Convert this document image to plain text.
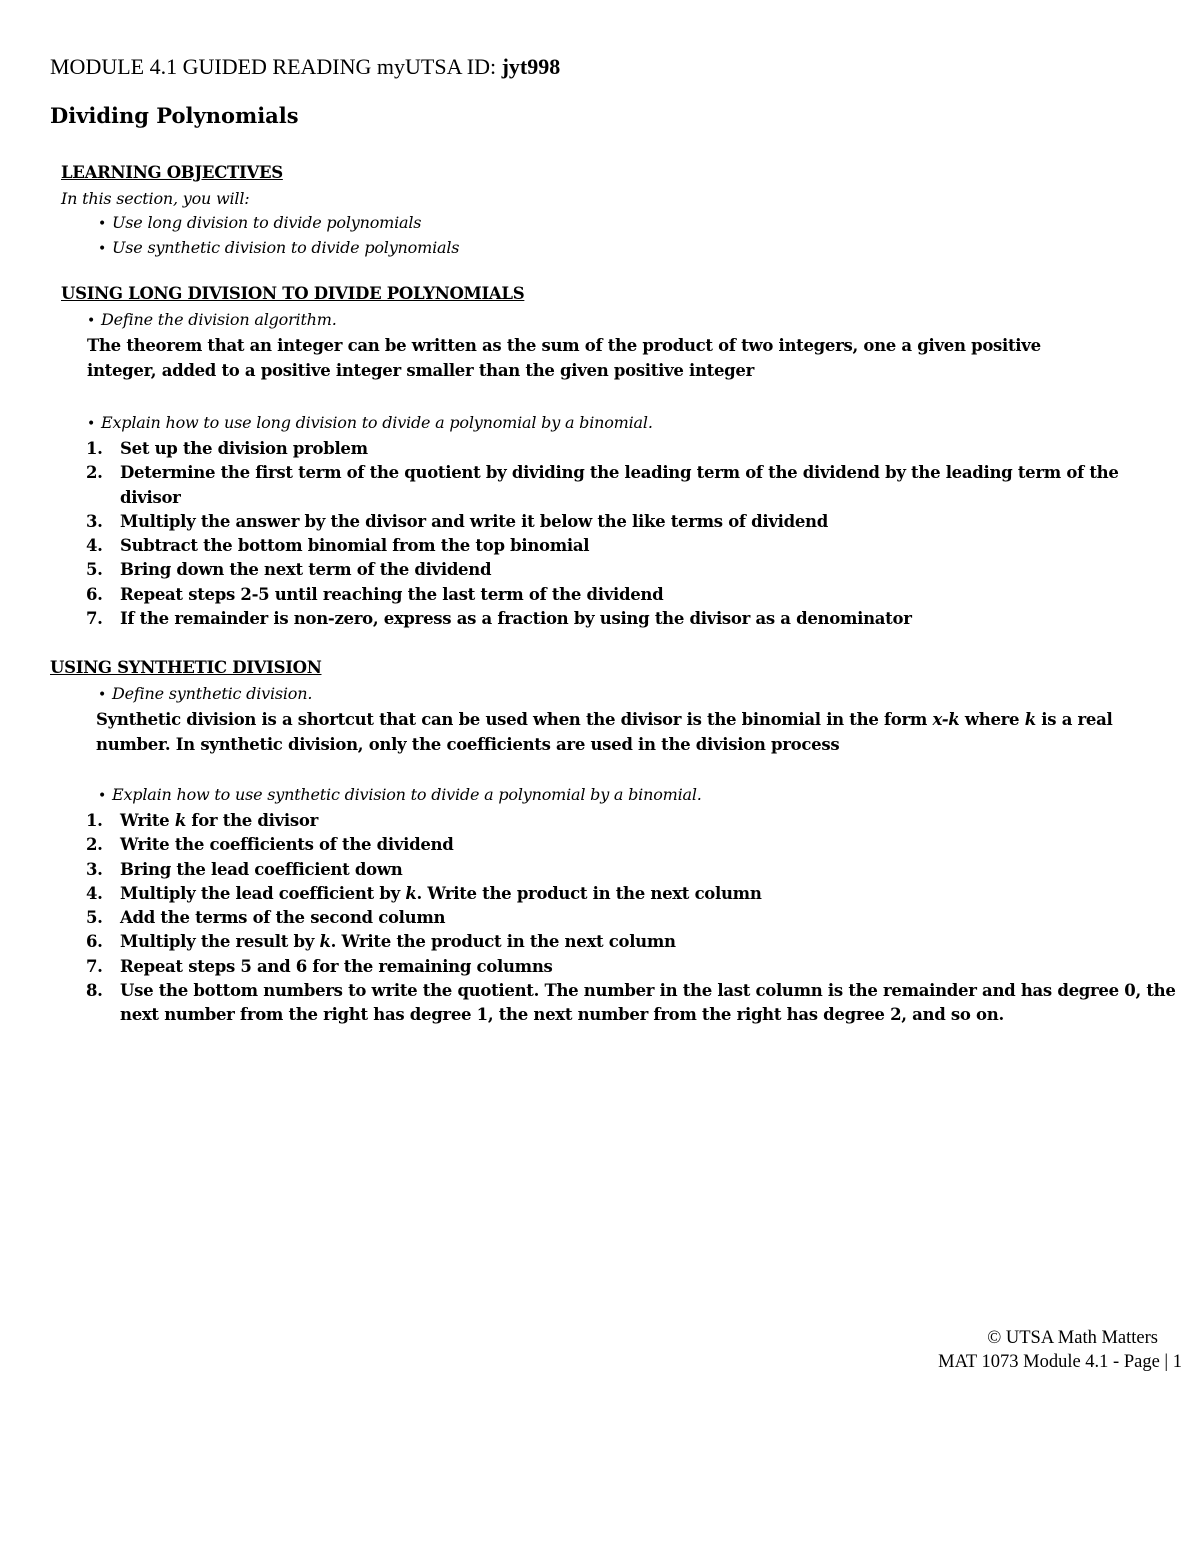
MODULE 4.1 GUIDED READING myUTSA ID: jyt998
Dividing Polynomials
LEARNING OBJECTIVES
In this section, you will:
• Use long division to divide polynomials
• Use synthetic division to divide polynomials
USING LONG DIVISION TO DIVIDE POLYNOMIALS
• Define the division algorithm.
The theorem that an integer can be written as the sum of the product of two integers, one a given positive
integer, added to a positive integer smaller than the given positive integer
• Explain how to use long division to divide a polynomial by a binomial.
1.	Set up the division problem
2.	Determine the first term of the quotient by dividing the leading term of the dividend by the leading term of the divisor
3.	Multiply the answer by the divisor and write it below the like terms of dividend
4.	Subtract the bottom binomial from the top binomial
5.	Bring down the next term of the dividend
6.	Repeat steps 2-5 until reaching the last term of the dividend
7.	If the remainder is non-zero, express as a fraction by using the divisor as a denominator
USING SYNTHETIC DIVISION
• Define synthetic division.
Synthetic division is a shortcut that can be used when the divisor is the binomial in the form x-k where k is a real
number. In synthetic division, only the coefficients are used in the division process
• Explain how to use synthetic division to divide a polynomial by a binomial.
1.	Write k for the divisor
2.	Write the coefficients of the dividend
3.	Bring the lead coefficient down
4.	Multiply the lead coefficient by k. Write the product in the next column
5.	Add the terms of the second column
6.	Multiply the result by k. Write the product in the next column
7.	Repeat steps 5 and 6 for the remaining columns
8.	Use the bottom numbers to write the quotient. The number in the last column is the remainder and has degree 0, the next number from the right has degree 1, the next number from the right has degree 2, and so on.
© UTSA Math Matters
MAT 1073 Module 4.1 - Page | 1
